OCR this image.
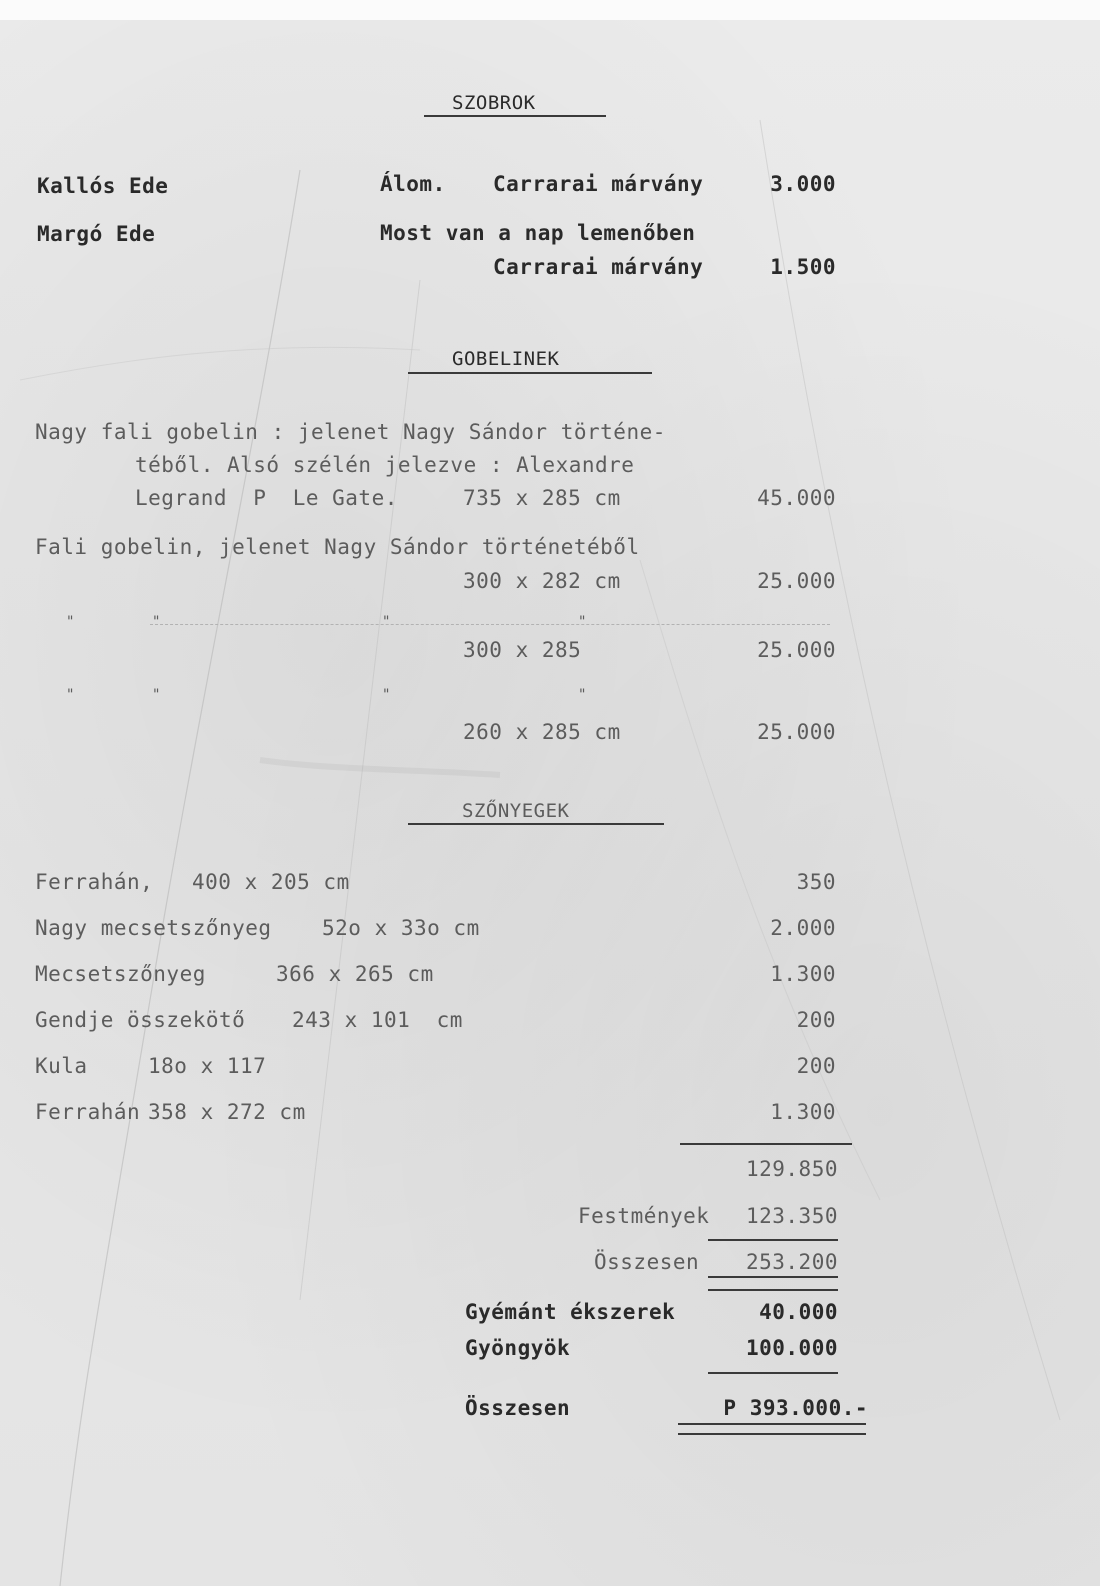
SZOBROK
Kallós Ede	Álom. Carrarai márvány	3.000
Margó Ede	Most van a nap lemenőben
Carrarai márvány	1.500
GOBELINEK
Nagy fali gobelin : jelenet Nagy Sándor történe-
téből. Alsó szélén jelezve : Alexandre
Legrand  P  Le Gate.	735 x 285 cm	45.000
Fali gobelin, jelenet Nagy Sándor történetéből
300 x 282 cm	25.000
"	"	"	"
300 x 285	25.000
"	"	"	"
260 x 285 cm	25.000
SZŐNYEGEK
Ferrahán, 400 x 205 cm	350
Nagy mecsetszőnyeg 52o x 33o cm	2.000
Mecsetszőnyeg	366 x 265 cm	1.300
Gendje összekötő 243 x 101  cm	200
Kula	18o x 117	200
Ferrahán 358 x 272 cm	1.300
129.850
Festmények 123.350
Összesen 253.200
Gyémánt ékszerek	40.000
Gyöngyök	100.000
Összesen	P 393.000.-
